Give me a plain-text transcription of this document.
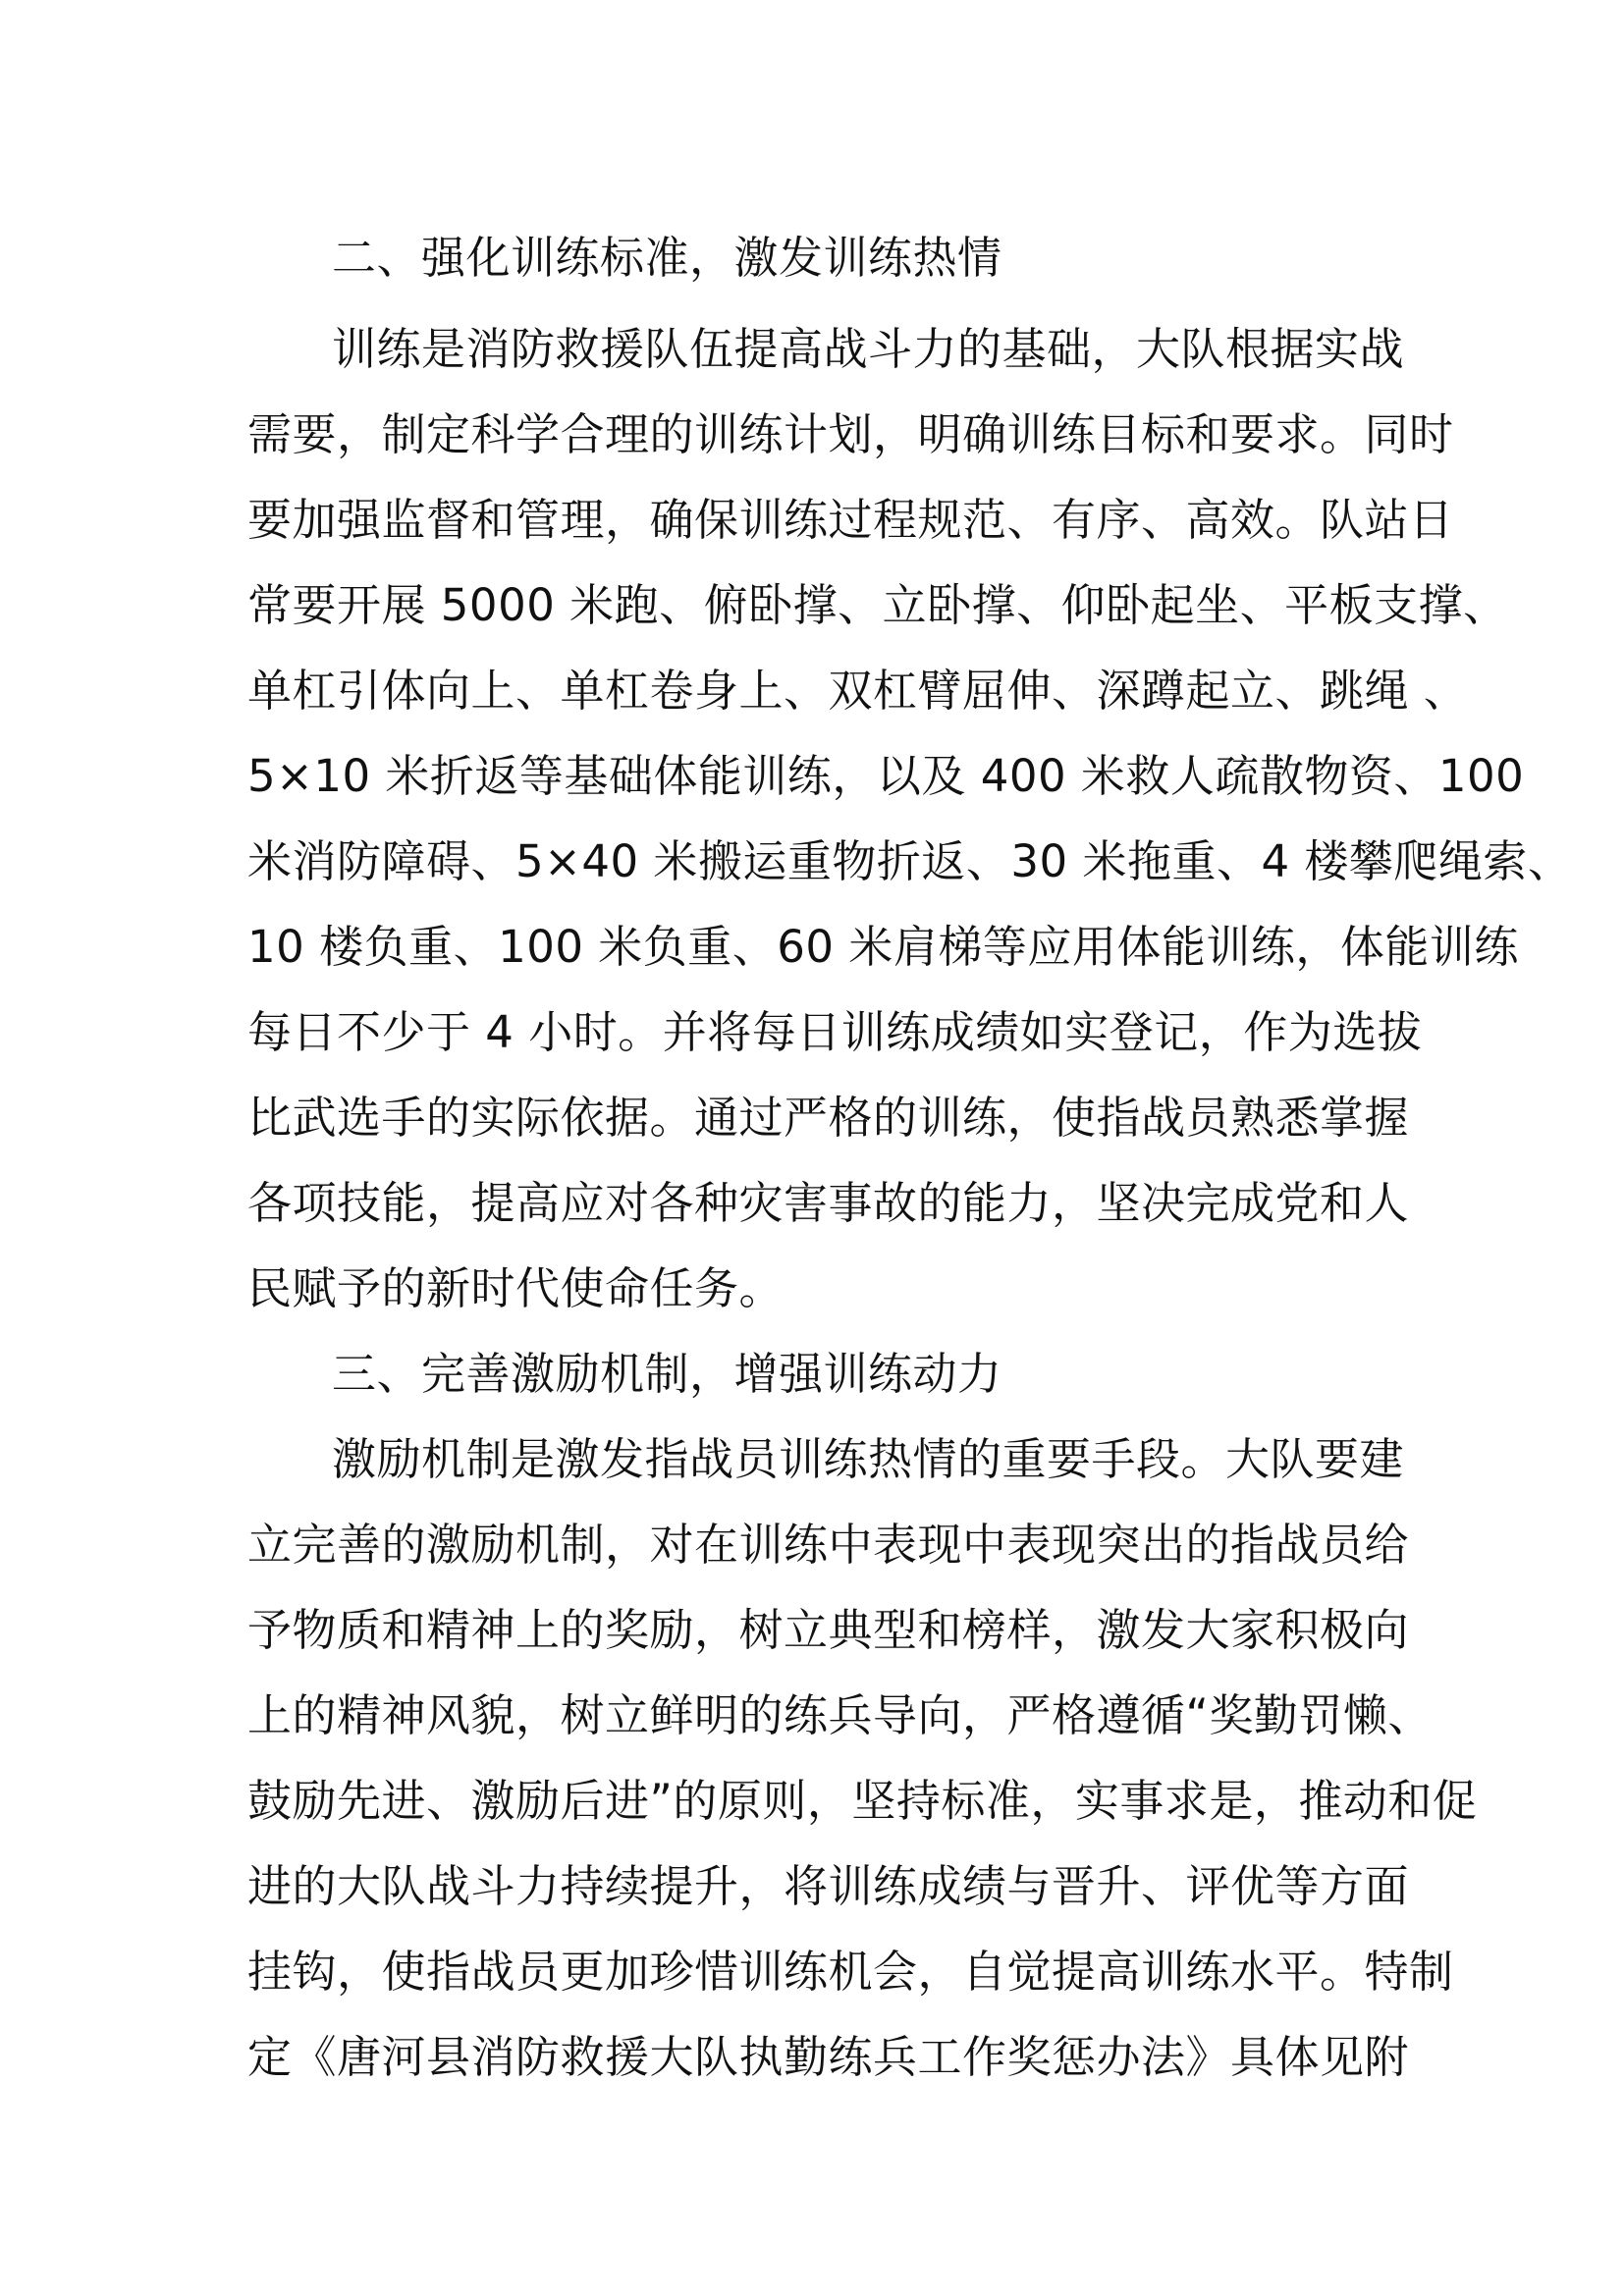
二、强化训练标准，激发训练热情
训练是消防救援队伍提高战斗力的基础，大队根据实战
需要，制定科学合理的训练计划，明确训练目标和要求。同时
要加强监督和管理，确保训练过程规范、有序、高效。队站日
常要开展 5000 米跑、俯卧撑、立卧撑、仰卧起坐、平板支撑、
单杠引体向上、单杠卷身上、双杠臂屈伸、深蹲起立、跳绳 、
5×10 米折返等基础体能训练，以及 400 米救人疏散物资、100
米消防障碍、5×40 米搬运重物折返、30 米拖重、4 楼攀爬绳索、
10 楼负重、100 米负重、60 米肩梯等应用体能训练，体能训练
每日不少于 4 小时。并将每日训练成绩如实登记，作为选拔
比武选手的实际依据。通过严格的训练，使指战员熟悉掌握
各项技能，提高应对各种灾害事故的能力，坚决完成党和人
民赋予的新时代使命任务。
三、完善激励机制，增强训练动力
激励机制是激发指战员训练热情的重要手段。大队要建
立完善的激励机制，对在训练中表现中表现突出的指战员给
予物质和精神上的奖励，树立典型和榜样，激发大家积极向
上的精神风貌，树立鲜明的练兵导向，严格遵循“奖勤罚懒、
鼓励先进、激励后进”的原则，坚持标准，实事求是，推动和促
进的大队战斗力持续提升，将训练成绩与晋升、评优等方面
挂钩，使指战员更加珍惜训练机会，自觉提高训练水平。特制
定《唐河县消防救援大队执勤练兵工作奖惩办法》具体见附
